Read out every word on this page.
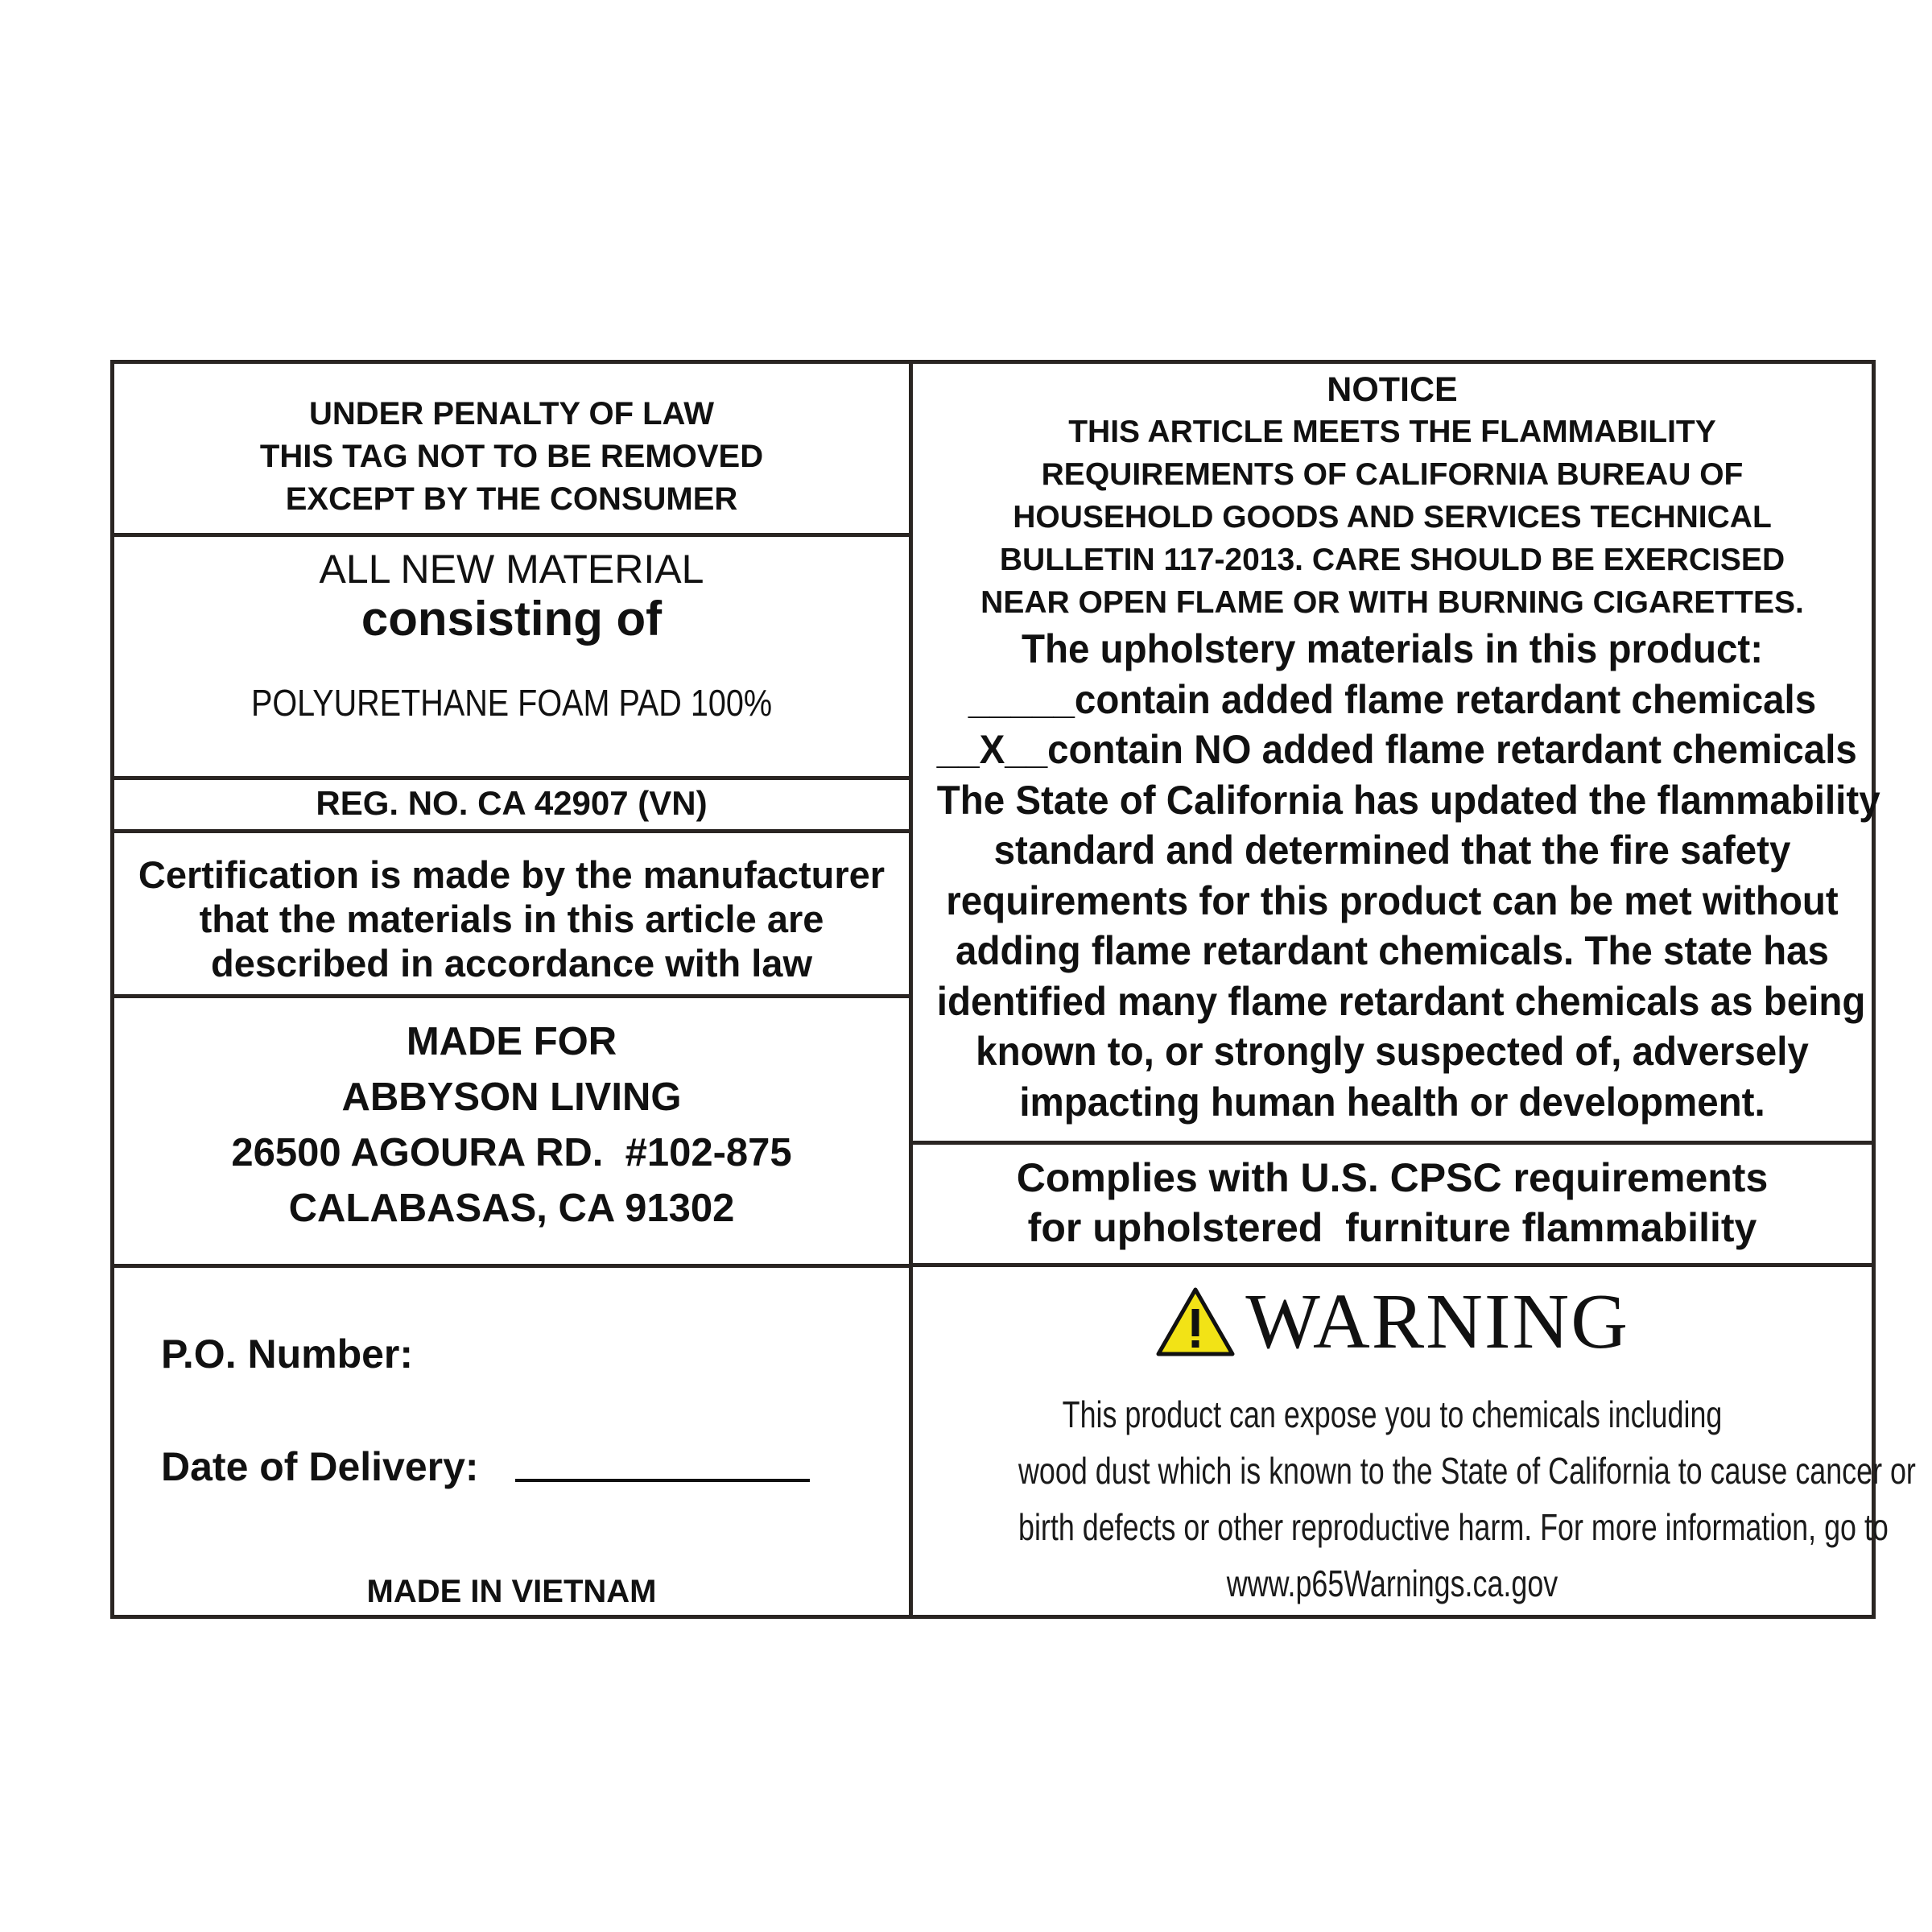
UNDER PENALTY OF LAW
THIS TAG NOT TO BE REMOVED
EXCEPT BY THE CONSUMER
ALL NEW MATERIAL
consisting of
POLYURETHANE FOAM PAD 100%
REG. NO. CA 42907 (VN)
Certification is made by the manufacturer
that the materials in this article are
described in accordance with law
MADE FOR
ABBYSON LIVING
26500 AGOURA RD.  #102-875
CALABASAS, CA 91302
P.O. Number:
Date of Delivery:
MADE IN VIETNAM
NOTICE
THIS ARTICLE MEETS THE FLAMMABILITY
REQUIREMENTS OF CALIFORNIA BUREAU OF
HOUSEHOLD GOODS AND SERVICES TECHNICAL
BULLETIN 117-2013. CARE SHOULD BE EXERCISED
NEAR OPEN FLAME OR WITH BURNING CIGARETTES.
The upholstery materials in this product:
_____contain added flame retardant chemicals
__X__contain NO added flame retardant chemicals
The State of California has updated the flammability
standard and determined that the fire safety
requirements for this product can be met without
adding flame retardant chemicals. The state has
identified many flame retardant chemicals as being
known to, or strongly suspected of, adversely
impacting human health or development.
Complies with U.S. CPSC requirements
for upholstered  furniture flammability
WARNING
This product can expose you to chemicals including
wood dust which is known to the State of California to cause cancer or
birth defects or other reproductive harm. For more information, go to
www.p65Warnings.ca.gov
